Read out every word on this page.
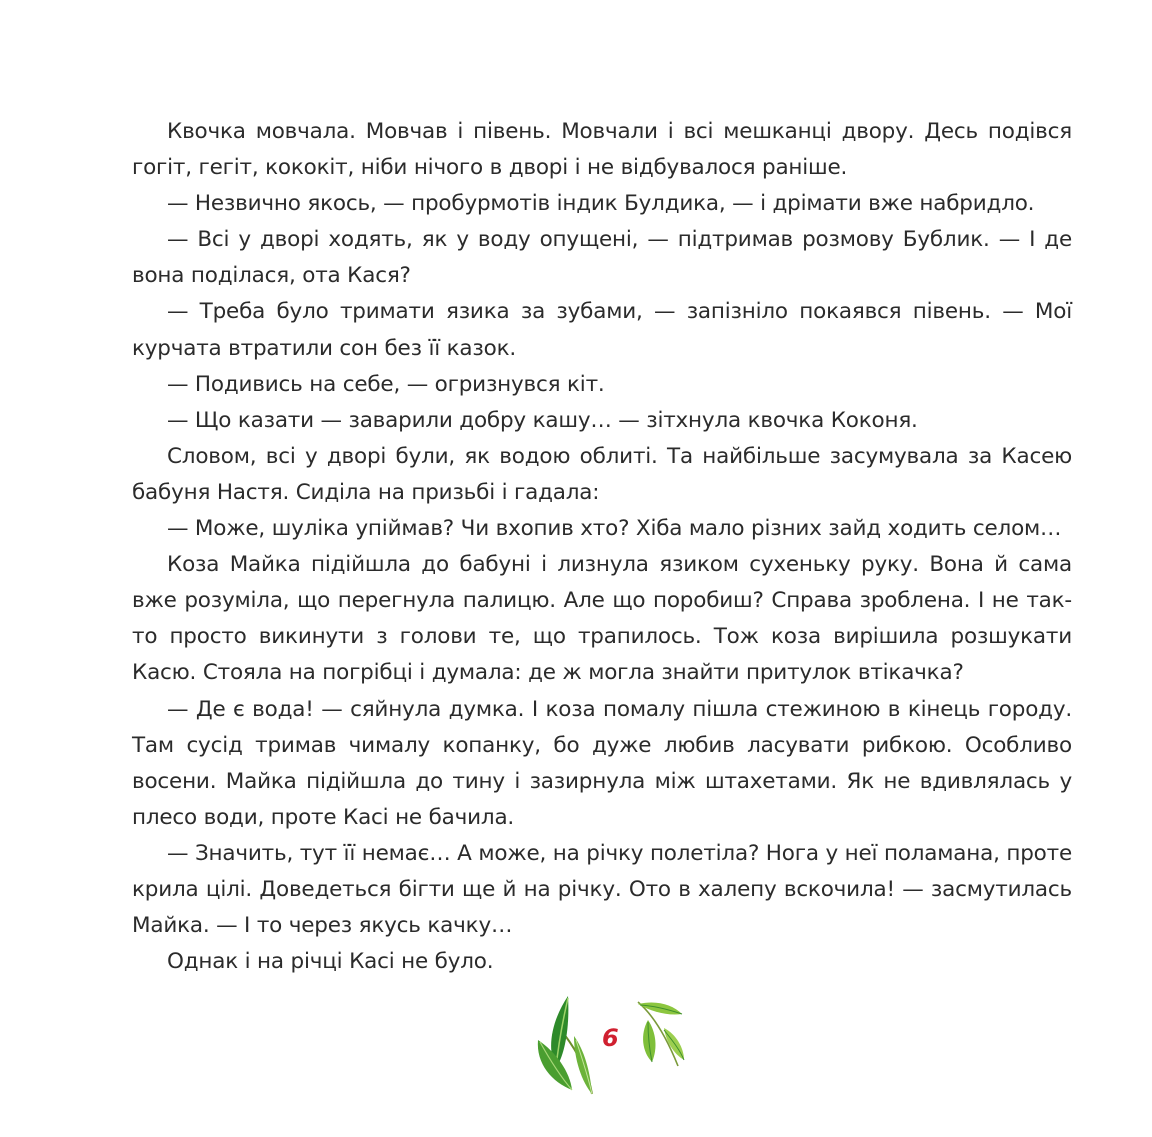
Квочка мовчала. Мовчав і півень. Мовчали і всі мешканці двору. Десь подівся гогіт, гегіт, кококіт, ніби нічого в дворі і не відбувалося раніше.

— Незвично якось, — пробурмотів індик Булдика, — і дрімати вже набридло.

— Всі у дворі ходять, як у воду опущені, — підтримав розмову Бублик. — І де вона поділася, ота Кася?

— Треба було тримати язика за зубами, — запізніло покаявся півень. — Мої курчата втратили сон без її казок.

— Подивись на себе, — огризнувся кіт.

— Що казати — заварили добру кашу… — зітхнула квочка Коконя.

Словом, всі у дворі були, як водою облиті. Та найбільше засумувала за Касею бабуня Настя. Сиділа на призьбі і гадала:

— Може, шуліка упіймав? Чи вхопив хто? Хіба мало різних зайд ходить селом…

Коза Майка підійшла до бабуні і лизнула язиком сухеньку руку. Вона й сама вже розуміла, що перегнула палицю. Але що поробиш? Справа зроблена. І не так-то просто викинути з голови те, що трапилось. Тож коза вирішила розшукати Касю. Стояла на погрібці і думала: де ж могла знайти притулок втікачка?

— Де є вода! — сяйнула думка. І коза помалу пішла стежиною в кінець городу. Там сусід тримав чималу копанку, бо дуже любив ласувати рибкою. Особливо восени. Майка підійшла до тину і зазирнула між штахетами. Як не вдивлялась у плесо води, проте Касі не бачила.

— Значить, тут її немає… А може, на річку полетіла? Нога у неї поламана, проте крила цілі. Доведеться бігти ще й на річку. Ото в халепу вскочила! — засмутилась Майка. — І то через якусь качку…

Однак і на річці Касі не було.

6
